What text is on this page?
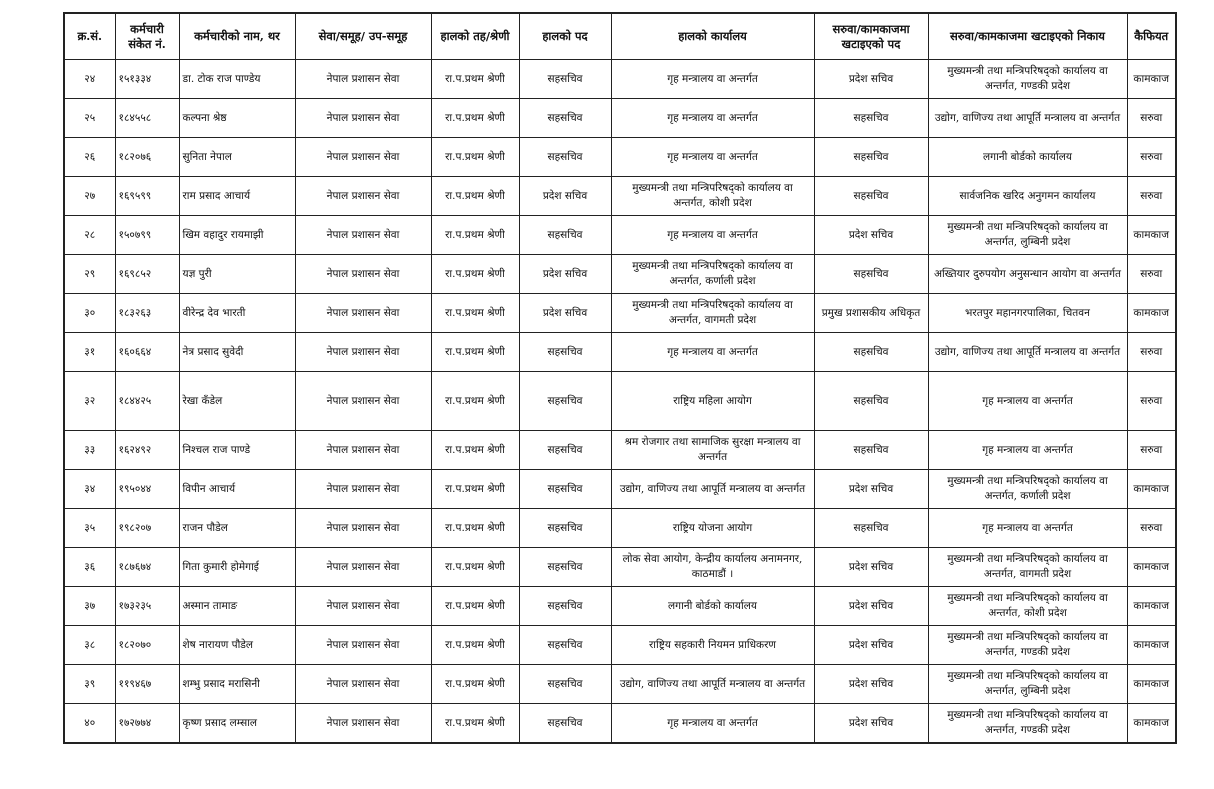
क्र.सं.	कर्मचारी संकेत नं.	कर्मचारीको नाम, थर	सेवा/समूह/ उप-समूह	हालको तह/श्रेणी	हालको पद	हालको कार्यालय	सरुवा/कामकाजमा खटाइएको पद	सरुवा/कामकाजमा खटाइएको निकाय	कैफियत
२४	१५१३३४	डा. टोक राज पाण्डेय	नेपाल प्रशासन सेवा	रा.प.प्रथम श्रेणी	सहसचिव	गृह मन्त्रालय वा अन्तर्गत	प्रदेश सचिव	मुख्यमन्त्री तथा मन्त्रिपरिषद्को कार्यालय वा अन्तर्गत, गण्डकी प्रदेश	कामकाज
२५	१८४५५८	कल्पना श्रेष्ठ	नेपाल प्रशासन सेवा	रा.प.प्रथम श्रेणी	सहसचिव	गृह मन्त्रालय वा अन्तर्गत	सहसचिव	उद्योग, वाणिज्य तथा आपूर्ति मन्त्रालय वा अन्तर्गत	सरुवा
२६	१८२०७६	सुनिता नेपाल	नेपाल प्रशासन सेवा	रा.प.प्रथम श्रेणी	सहसचिव	गृह मन्त्रालय वा अन्तर्गत	सहसचिव	लगानी बोर्डको कार्यालय	सरुवा
२७	१६९५९९	राम प्रसाद आचार्य	नेपाल प्रशासन सेवा	रा.प.प्रथम श्रेणी	प्रदेश सचिव	मुख्यमन्त्री तथा मन्त्रिपरिषद्को कार्यालय वा अन्तर्गत, कोशी प्रदेश	सहसचिव	सार्वजनिक खरिद अनुगमन कार्यालय	सरुवा
२८	१५०७९९	खिम वहादुर रायमाझी	नेपाल प्रशासन सेवा	रा.प.प्रथम श्रेणी	सहसचिव	गृह मन्त्रालय वा अन्तर्गत	प्रदेश सचिव	मुख्यमन्त्री तथा मन्त्रिपरिषद्को कार्यालय वा अन्तर्गत, लुम्बिनी प्रदेश	कामकाज
२९	१६९८५२	यज्ञ पुरी	नेपाल प्रशासन सेवा	रा.प.प्रथम श्रेणी	प्रदेश सचिव	मुख्यमन्त्री तथा मन्त्रिपरिषद्को कार्यालय वा अन्तर्गत, कर्णाली प्रदेश	सहसचिव	अख्तियार दुरुपयोग अनुसन्धान आयोग वा अन्तर्गत	सरुवा
३०	१८३२६३	वीरेन्द्र देव भारती	नेपाल प्रशासन सेवा	रा.प.प्रथम श्रेणी	प्रदेश सचिव	मुख्यमन्त्री तथा मन्त्रिपरिषद्को कार्यालय वा अन्तर्गत, वागमती प्रदेश	प्रमुख प्रशासकीय अधिकृत	भरतपुर महानगरपालिका, चितवन	कामकाज
३१	१६०६६४	नेत्र प्रसाद सुवेदी	नेपाल प्रशासन सेवा	रा.प.प्रथम श्रेणी	सहसचिव	गृह मन्त्रालय वा अन्तर्गत	सहसचिव	उद्योग, वाणिज्य तथा आपूर्ति मन्त्रालय वा अन्तर्गत	सरुवा
३२	१८४४२५	रेखा कँडेल	नेपाल प्रशासन सेवा	रा.प.प्रथम श्रेणी	सहसचिव	राष्ट्रिय महिला आयोग	सहसचिव	गृह मन्त्रालय वा अन्तर्गत	सरुवा
३३	१६२४९२	निश्चल राज पाण्डे	नेपाल प्रशासन सेवा	रा.प.प्रथम श्रेणी	सहसचिव	श्रम रोजगार तथा सामाजिक सुरक्षा मन्त्रालय वा अन्तर्गत	सहसचिव	गृह मन्त्रालय वा अन्तर्गत	सरुवा
३४	१९५०४४	विपीन आचार्य	नेपाल प्रशासन सेवा	रा.प.प्रथम श्रेणी	सहसचिव	उद्योग, वाणिज्य तथा आपूर्ति मन्त्रालय वा अन्तर्गत	प्रदेश सचिव	मुख्यमन्त्री तथा मन्त्रिपरिषद्को कार्यालय वा अन्तर्गत, कर्णाली प्रदेश	कामकाज
३५	१९८२०७	राजन पौडेल	नेपाल प्रशासन सेवा	रा.प.प्रथम श्रेणी	सहसचिव	राष्ट्रिय योजना आयोग	सहसचिव	गृह मन्त्रालय वा अन्तर्गत	सरुवा
३६	१८७६७४	गिता कुमारी होमेगाई	नेपाल प्रशासन सेवा	रा.प.प्रथम श्रेणी	सहसचिव	लोक सेवा आयोग, केन्द्रीय कार्यालय अनामनगर, काठमाडौं ।	प्रदेश सचिव	मुख्यमन्त्री तथा मन्त्रिपरिषद्को कार्यालय वा अन्तर्गत, वागमती प्रदेश	कामकाज
३७	१७३२३५	अस्मान तामाङ	नेपाल प्रशासन सेवा	रा.प.प्रथम श्रेणी	सहसचिव	लगानी बोर्डको कार्यालय	प्रदेश सचिव	मुख्यमन्त्री तथा मन्त्रिपरिषद्को कार्यालय वा अन्तर्गत, कोशी प्रदेश	कामकाज
३८	१८२०७०	शेष नारायण पौडेल	नेपाल प्रशासन सेवा	रा.प.प्रथम श्रेणी	सहसचिव	राष्ट्रिय सहकारी नियमन प्राधिकरण	प्रदेश सचिव	मुख्यमन्त्री तथा मन्त्रिपरिषद्को कार्यालय वा अन्तर्गत, गण्डकी प्रदेश	कामकाज
३९	११९४६७	शम्भु प्रसाद मरासिनी	नेपाल प्रशासन सेवा	रा.प.प्रथम श्रेणी	सहसचिव	उद्योग, वाणिज्य तथा आपूर्ति मन्त्रालय वा अन्तर्गत	प्रदेश सचिव	मुख्यमन्त्री तथा मन्त्रिपरिषद्को कार्यालय वा अन्तर्गत, लुम्बिनी प्रदेश	कामकाज
४०	१७२७७४	कृष्ण प्रसाद लम्साल	नेपाल प्रशासन सेवा	रा.प.प्रथम श्रेणी	सहसचिव	गृह मन्त्रालय वा अन्तर्गत	प्रदेश सचिव	मुख्यमन्त्री तथा मन्त्रिपरिषद्को कार्यालय वा अन्तर्गत, गण्डकी प्रदेश	कामकाज
